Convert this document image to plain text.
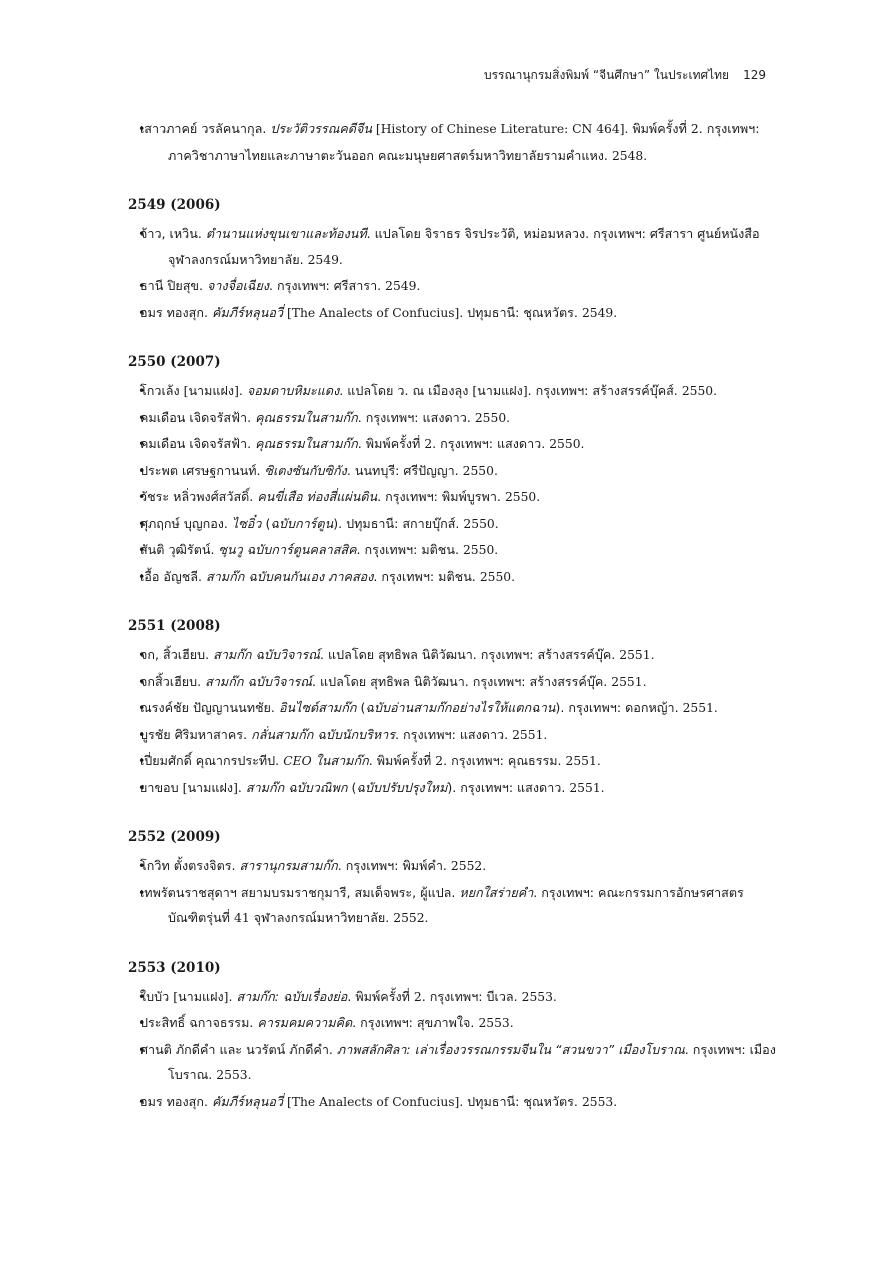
บรรณานุกรมสิ่งพิมพ์ “จีนศึกษา” ในประเทศไทย 129
• เสาวภาคย์ วรลัคนากุล. ประวัติวรรณคดีจีน [History of Chinese Literature: CN 464]. พิมพ์ครั้งที่ 2. กรุงเทพฯ: ภาควิชาภาษาไทยและภาษาตะวันออก คณะมนุษยศาสตร์มหาวิทยาลัยรามคำแหง. 2548.
2549 (2006)
• จ้าว, เหวิน. ตำนานแห่งขุนเขาและท้องนที. แปลโดย จิราธร จิรประวัติ, หม่อมหลวง. กรุงเทพฯ: ศรีสารา ศูนย์หนังสือจุฬาลงกรณ์มหาวิทยาลัย. 2549.
• ธานี ปิยสุข. จางจื่อเฉียง. กรุงเทพฯ: ศรีสารา. 2549.
• อมร ทองสุก. คัมภีร์หลุนอวี่ [The Analects of Confucius]. ปทุมธานี: ชุณหวัตร. 2549.
2550 (2007)
• โกวเล้ง [นามแฝง]. จอมดาบหิมะแดง. แปลโดย ว. ณ เมืองลุง [นามแฝง]. กรุงเทพฯ: สร้างสรรค์บุ๊คส์. 2550.
• คมเดือน เจิดจรัสฟ้า. คุณธรรมในสามก๊ก. กรุงเทพฯ: แสงดาว. 2550.
• คมเดือน เจิดจรัสฟ้า. คุณธรรมในสามก๊ก. พิมพ์ครั้งที่ 2. กรุงเทพฯ: แสงดาว. 2550.
• ประพต เศรษฐกานนท์. ซิเตงซันกับซิกัง. นนทบุรี: ศรีปัญญา. 2550.
• วัชระ หลิ่วพงศ์สวัสดิ์. คนขี่เสือ ท่องสี่แผ่นดิน. กรุงเทพฯ: พิมพ์บูรพา. 2550.
• ศุภฤกษ์ บุญกอง. ไซอิ๋ว (ฉบับการ์ตูน). ปทุมธานี: สกายบุ๊กส์. 2550.
• สันติ วุฒิรัตน์. ซุนวู ฉบับการ์ตูนคลาสสิค. กรุงเทพฯ: มติชน. 2550.
• เอื้อ อัญชลี. สามก๊ก ฉบับคนกันเอง ภาคสอง. กรุงเทพฯ: มติชน. 2550.
2551 (2008)
• จก, สิ้วเฮียบ. สามก๊ก ฉบับวิจารณ์. แปลโดย สุทธิพล นิติวัฒนา. กรุงเทพฯ: สร้างสรรค์บุ๊ค. 2551.
• จกสิ้วเฮียบ. สามก๊ก ฉบับวิจารณ์. แปลโดย สุทธิพล นิติวัฒนา. กรุงเทพฯ: สร้างสรรค์บุ๊ค. 2551.
• ณรงค์ชัย ปัญญานนทชัย. อินไซด์สามก๊ก (ฉบับอ่านสามก๊กอย่างไรให้แตกฉาน). กรุงเทพฯ: ดอกหญ้า. 2551.
• บูรชัย ศิริมหาสาคร. กลั่นสามก๊ก ฉบับนักบริหาร. กรุงเทพฯ: แสงดาว. 2551.
• เปี่ยมศักดิ์ คุณากรประทีป. CEO ในสามก๊ก. พิมพ์ครั้งที่ 2. กรุงเทพฯ: คุณธรรม. 2551.
• ยาขอบ [นามแฝง]. สามก๊ก ฉบับวณิพก (ฉบับปรับปรุงใหม่). กรุงเทพฯ: แสงดาว. 2551.
2552 (2009)
• โกวิท ตั้งตรงจิตร. สารานุกรมสามก๊ก. กรุงเทพฯ: พิมพ์คำ. 2552.
• เทพรัตนราชสุดาฯ สยามบรมราชกุมารี, สมเด็จพระ, ผู้แปล. หยกใสร่ายคำ. กรุงเทพฯ: คณะกรรมการอักษรศาสตรบัณฑิตรุ่นที่ 41 จุฬาลงกรณ์มหาวิทยาลัย. 2552.
2553 (2010)
• ใบบัว [นามแฝง]. สามก๊ก: ฉบับเรื่องย่อ. พิมพ์ครั้งที่ 2. กรุงเทพฯ: บีเวล. 2553.
• ประสิทธิ์ ฉกาจธรรม. คารมคมความคิด. กรุงเทพฯ: สุขภาพใจ. 2553.
• ศานติ ภักดีคำ และ นวรัตน์ ภักดีคำ. ภาพสลักศิลา: เล่าเรื่องวรรณกรรมจีนใน “สวนขวา” เมืองโบราณ. กรุงเทพฯ: เมืองโบราณ. 2553.
• อมร ทองสุก. คัมภีร์หลุนอวี่ [The Analects of Confucius]. ปทุมธานี: ชุณหวัตร. 2553.
